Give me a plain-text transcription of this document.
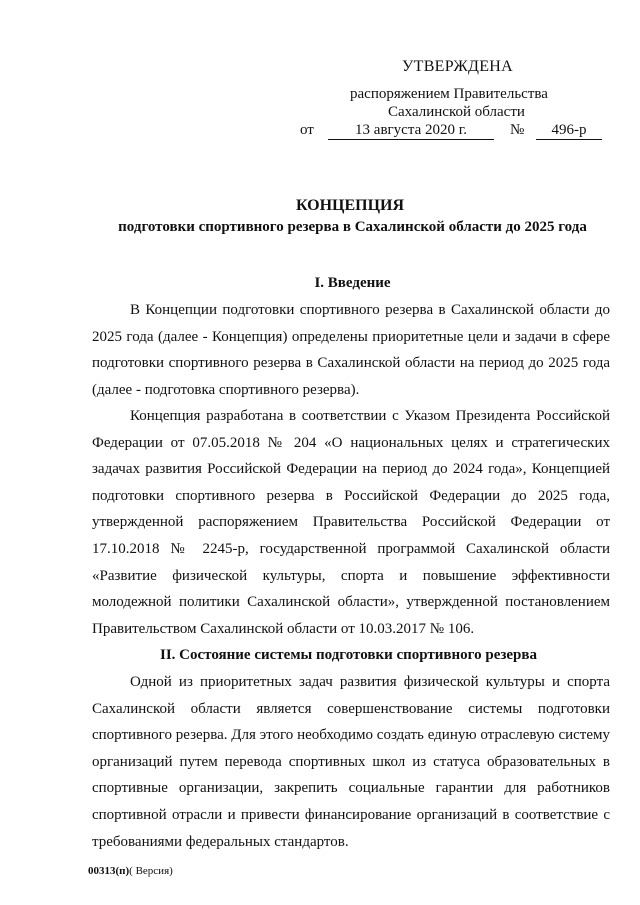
УТВЕРЖДЕНА
распоряжением Правительства
Сахалинской области
от	13 августа 2020 г.	№	496-р
КОНЦЕПЦИЯ
подготовки спортивного резерва в Сахалинской области до 2025 года
I. Введение

В Концепции подготовки спортивного резерва в Сахалинской области до 2025 года (далее - Концепция) определены приоритетные цели и задачи в сфере подготовки спортивного резерва в Сахалинской области на период до 2025 года (далее - подготовка спортивного резерва).

Концепция разработана в соответствии с Указом Президента Российской Федерации от 07.05.2018 № 204 «О национальных целях и стратегических задачах развития Российской Федерации на период до 2024 года», Концепцией подготовки спортивного резерва в Российской Федерации до 2025 года, утвержденной распоряжением Правительства Российской Федерации от 17.10.2018 № 2245-р, государственной программой Сахалинской области «Развитие физической культуры, спорта и повышение эффективности молодежной политики Сахалинской области», утвержденной постановлением Правительством Сахалинской области от 10.03.2017 № 106.

II. Состояние системы подготовки спортивного резерва

Одной из приоритетных задач развития физической культуры и спорта Сахалинской области является совершенствование системы подготовки спортивного резерва. Для этого необходимо создать единую отраслевую систему организаций путем перевода спортивных школ из статуса образовательных в спортивные организации, закрепить социальные гарантии для работников спортивной отрасли и привести финансирование организаций в соответствие с требованиями федеральных стандартов.

00313(п)( Версия)
